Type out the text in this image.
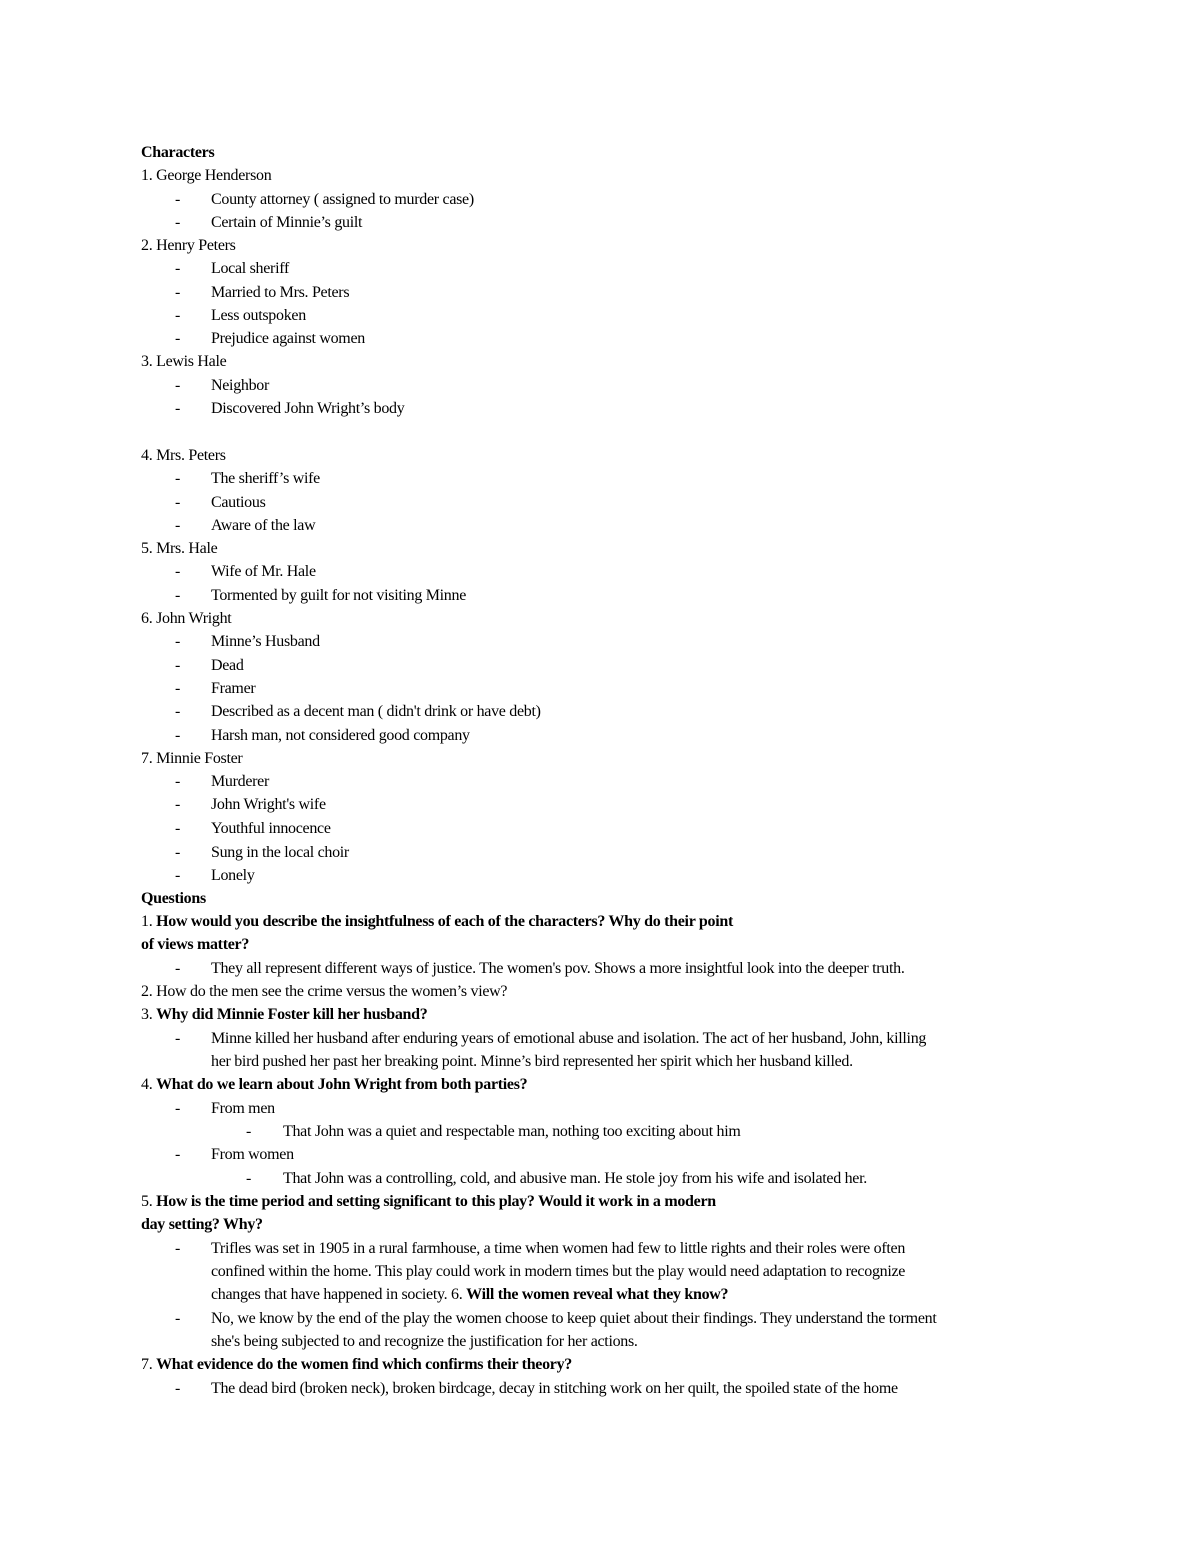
Characters
1. George Henderson
- County attorney ( assigned to murder case)
- Certain of Minnie’s guilt
2. Henry Peters
- Local sheriff
- Married to Mrs. Peters
- Less outspoken
- Prejudice against women
3. Lewis Hale
- Neighbor
- Discovered John Wright’s body
4. Mrs. Peters
- The sheriff’s wife
- Cautious
- Aware of the law
5. Mrs. Hale
- Wife of Mr. Hale
- Tormented by guilt for not visiting Minne
6. John Wright
- Minne’s Husband
- Dead
- Framer
- Described as a decent man ( didn't drink or have debt)
- Harsh man, not considered good company
7. Minnie Foster
- Murderer
- John Wright's wife
- Youthful innocence
- Sung in the local choir
- Lonely
Questions
1. How would you describe the insightfulness of each of the characters? Why do their point
of views matter?
- They all represent different ways of justice. The women's pov. Shows a more insightful look into the deeper truth.
2. How do the men see the crime versus the women’s view?
3. Why did Minnie Foster kill her husband?
- Minne killed her husband after enduring years of emotional abuse and isolation. The act of her husband, John, killing
her bird pushed her past her breaking point. Minne’s bird represented her spirit which her husband killed.
4. What do we learn about John Wright from both parties?
- From men
- That John was a quiet and respectable man, nothing too exciting about him
- From women
- That John was a controlling, cold, and abusive man. He stole joy from his wife and isolated her.
5. How is the time period and setting significant to this play? Would it work in a modern
day setting? Why?
- Trifles was set in 1905 in a rural farmhouse, a time when women had few to little rights and their roles were often
confined within the home. This play could work in modern times but the play would need adaptation to recognize
changes that have happened in society. 6. Will the women reveal what they know?
- No, we know by the end of the play the women choose to keep quiet about their findings. They understand the torment
she's being subjected to and recognize the justification for her actions.
7. What evidence do the women find which confirms their theory?
- The dead bird (broken neck), broken birdcage, decay in stitching work on her quilt, the spoiled state of the home
